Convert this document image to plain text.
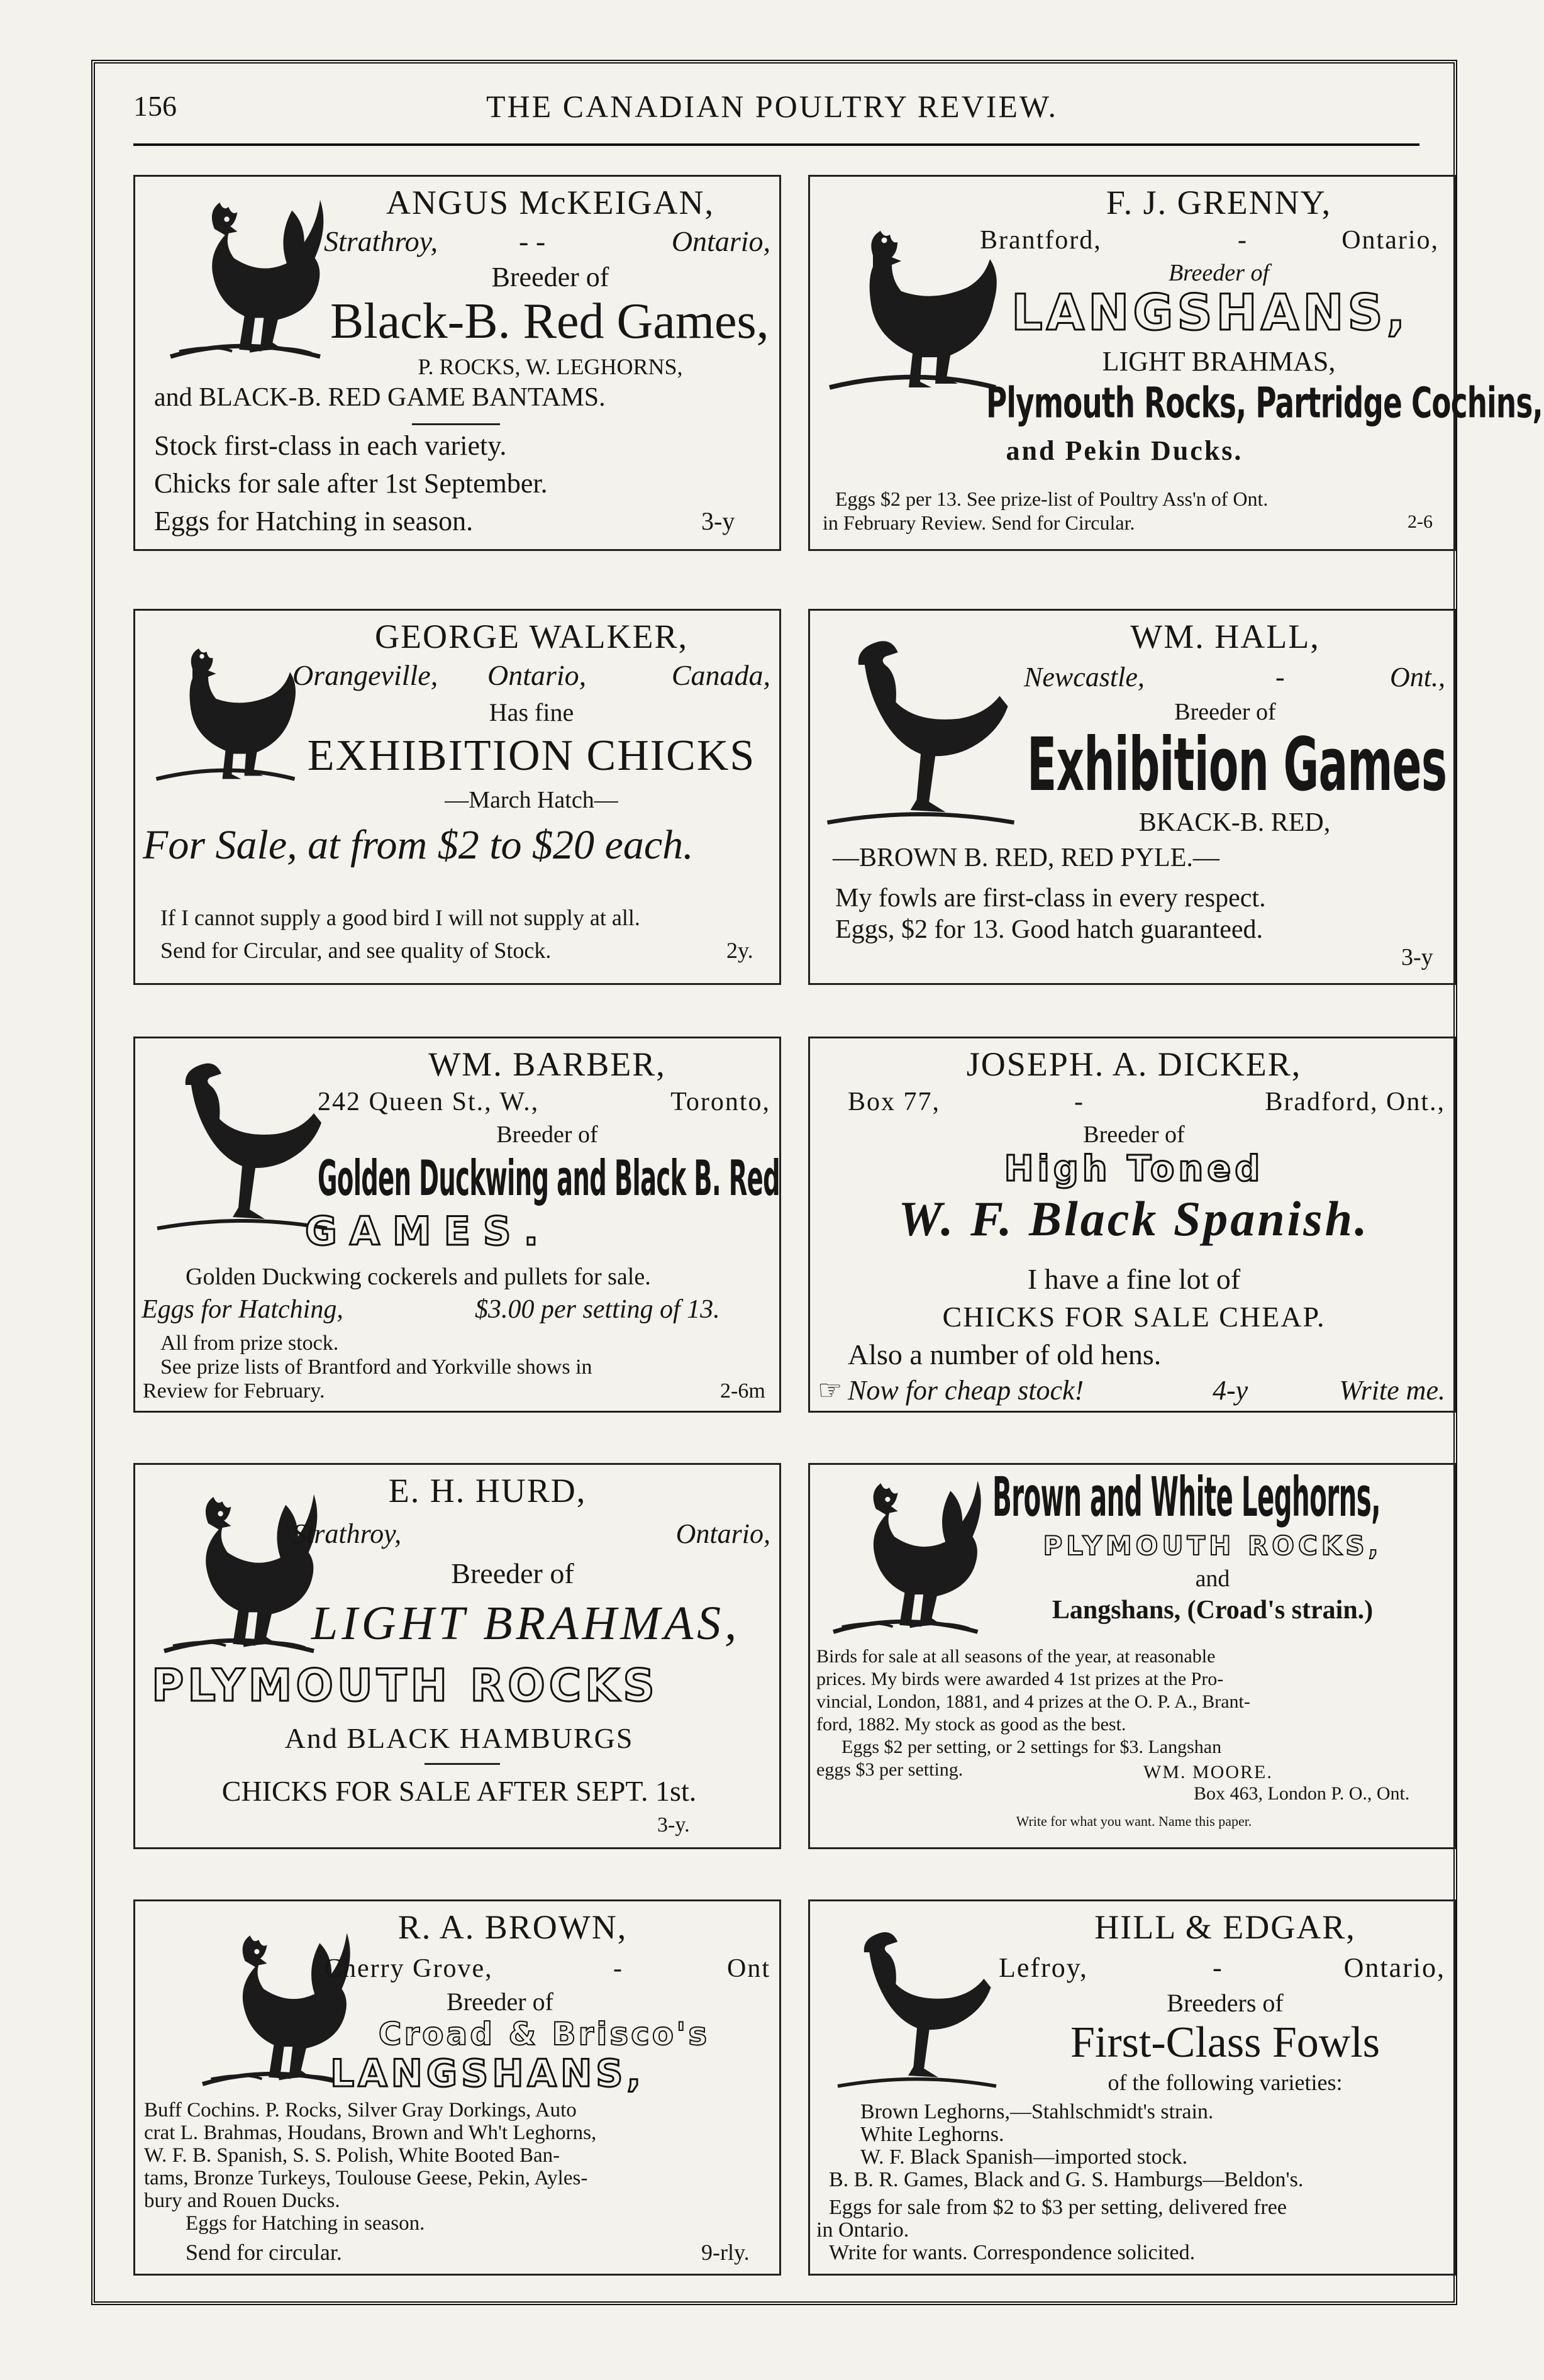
156	THE CANADIAN POULTRY REVIEW.
ANGUS McKEIGAN,
Strathroy,	- -	Ontario,
Breeder of
Black-B. Red Games,
P. ROCKS, W. LEGHORNS,
and BLACK-B. RED GAME BANTAMS.
Stock first-class in each variety.
Chicks for sale after 1st September.
Eggs for Hatching in season.	3-y
F. J. GRENNY,
Brantford,	-	Ontario,
Breeder of
LANGSHANS,
LIGHT BRAHMAS,
Plymouth Rocks, Partridge Cochins,
and Pekin Ducks.
Eggs $2 per 13. See prize-list of Poultry Ass'n of Ont.
in February Review. Send for Circular.	2-6
GEORGE WALKER,
Orangeville, Ontario,	Canada,
Has fine
EXHIBITION CHICKS
—March Hatch—
For Sale, at from $2 to $20 each.
If I cannot supply a good bird I will not supply at all.
Send for Circular, and see quality of Stock.	2y.
WM. HALL,
Newcastle,	-	Ont.,
Breeder of
Exhibition Games
BKACK-B. RED,
—BROWN B. RED, RED PYLE.—
My fowls are first-class in every respect.
Eggs, $2 for 13. Good hatch guaranteed.
3-y
WM. BARBER,
242 Queen St., W.,	Toronto,
Breeder of
Golden Duckwing and Black B. Red
GAMES.
Golden Duckwing cockerels and pullets for sale.
Eggs for Hatching,	$3.00 per setting of 13.
All from prize stock.
See prize lists of Brantford and Yorkville shows in
Review for February.	2-6m
JOSEPH. A. DICKER,
Box 77,	-	Bradford, Ont.,
Breeder of
High Toned
W. F. Black Spanish.
I have a fine lot of
CHICKS FOR SALE CHEAP.
Also a number of old hens.
☞ Now for cheap stock!	4-y	Write me.
E. H. HURD,
Strathroy,	Ontario,
Breeder of
LIGHT BRAHMAS,
PLYMOUTH ROCKS
And BLACK HAMBURGS
CHICKS FOR SALE AFTER SEPT. 1st.
3-y.
Brown and White Leghorns,
PLYMOUTH ROCKS,
and
Langshans, (Croad's strain.)
Birds for sale at all seasons of the year, at reasonable
prices. My birds were awarded 4 1st prizes at the Pro-
vincial, London, 1881, and 4 prizes at the O. P. A., Brant-
ford, 1882. My stock as good as the best.
Eggs $2 per setting, or 2 settings for $3. Langshan
eggs $3 per setting.	WM. MOORE.
Box 463, London P. O., Ont.
Write for what you want. Name this paper.
R. A. BROWN,
Cherry Grove,	-	Ont
Breeder of
Croad & Brisco's
LANGSHANS,
Buff Cochins. P. Rocks, Silver Gray Dorkings, Auto
crat L. Brahmas, Houdans, Brown and Wh't Leghorns,
W. F. B. Spanish, S. S. Polish, White Booted Ban-
tams, Bronze Turkeys, Toulouse Geese, Pekin, Ayles-
bury and Rouen Ducks.
Eggs for Hatching in season.
Send for circular.	9-rly.
HILL & EDGAR,
Lefroy,	-	Ontario,
Breeders of
First-Class Fowls
of the following varieties:
Brown Leghorns,—Stahlschmidt's strain.
White Leghorns.
W. F. Black Spanish—imported stock.
B. B. R. Games, Black and G. S. Hamburgs—Beldon's.
Eggs for sale from $2 to $3 per setting, delivered free
in Ontario.
Write for wants. Correspondence solicited.
